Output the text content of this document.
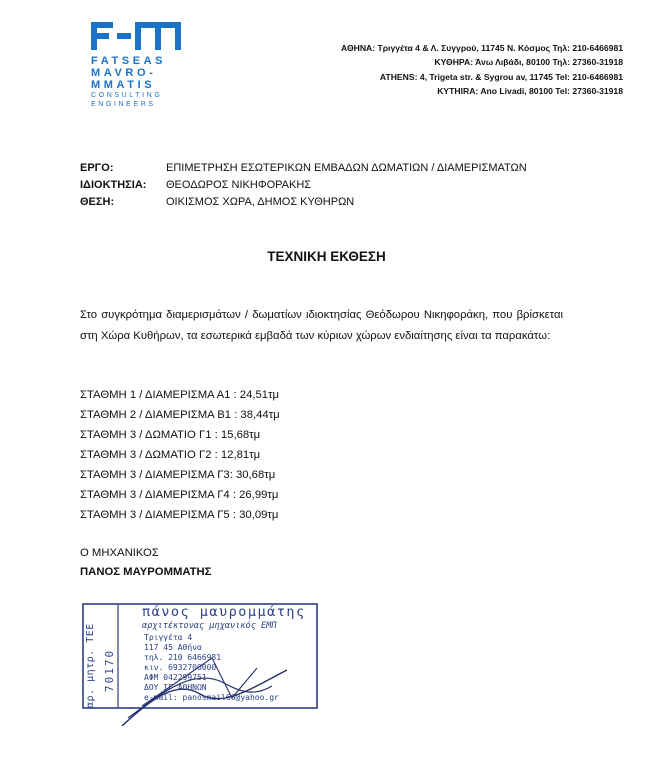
FATSEAS
MAVRO-
MMATIS
CONSULTING
ENGINEERS
ΑΘΗΝΑ: Τριγγέτα 4 & Λ. Συγγρού, 11745 Ν. Κόσμος Τηλ: 210-6466981
ΚΥΘΗΡΑ: Άνω Λιβάδι, 80100 Τηλ: 27360-31918
ATHENS: 4, Trigeta str. & Sygrou av, 11745 Tel: 210-6466981
KYTHIRA: Ano Livadi, 80100 Tel: 27360-31918
ΕΡΓΟ:	ΕΠΙΜΕΤΡΗΣΗ ΕΣΩΤΕΡΙΚΩΝ ΕΜΒΑΔΩΝ ΔΩΜΑΤΙΩΝ / ΔΙΑΜΕΡΙΣΜΑΤΩΝ
ΙΔΙΟΚΤΗΣΙΑ:	ΘΕΟΔΩΡΟΣ ΝΙΚΗΦΟΡΑΚΗΣ
ΘΕΣΗ:	ΟΙΚΙΣΜΟΣ ΧΩΡΑ, ΔΗΜΟΣ ΚΥΘΗΡΩΝ
ΤΕΧΝΙΚΗ ΕΚΘΕΣΗ
Στο συγκρότημα διαμερισμάτων / δωματίων ιδιοκτησίας Θεόδωρου Νικηφοράκη, που βρίσκεται στη Χώρα Κυθήρων, τα εσωτερικά εμβαδά των κύριων χώρων ενδιαίτησης είναι τα παρακάτω:
ΣΤΑΘΜΗ 1 / ΔΙΑΜΕΡΙΣΜΑ Α1 : 24,51τμ
ΣΤΑΘΜΗ 2 / ΔΙΑΜΕΡΙΣΜΑ Β1 : 38,44τμ
ΣΤΑΘΜΗ 3 / ΔΩΜΑΤΙΟ Γ1 : 15,68τμ
ΣΤΑΘΜΗ 3 / ΔΩΜΑΤΙΟ Γ2 : 12,81τμ
ΣΤΑΘΜΗ 3 / ΔΙΑΜΕΡΙΣΜΑ Γ3: 30,68τμ
ΣΤΑΘΜΗ 3 / ΔΙΑΜΕΡΙΣΜΑ Γ4 : 26,99τμ
ΣΤΑΘΜΗ 3 / ΔΙΑΜΕΡΙΣΜΑ Γ5 : 30,09τμ
Ο ΜΗΧΑΝΙΚΟΣ
ΠΑΝΟΣ ΜΑΥΡΟΜΜΑΤΗΣ
πάνος μαυρομμάτης
αρχιτέκτονας μηχανικός ΕΜΠ
Τριγγέτα 4
117 45 Αθήνα
τηλ. 210 6466981
κιν. 6932700000
ΑΦΜ 042299751
ΔΟΥ ΙΓ ΑΘΗΝΩΝ
e-mail: panosmail66@yahoo.gr
αρ. μητρ. ΤΕΕ 70170
